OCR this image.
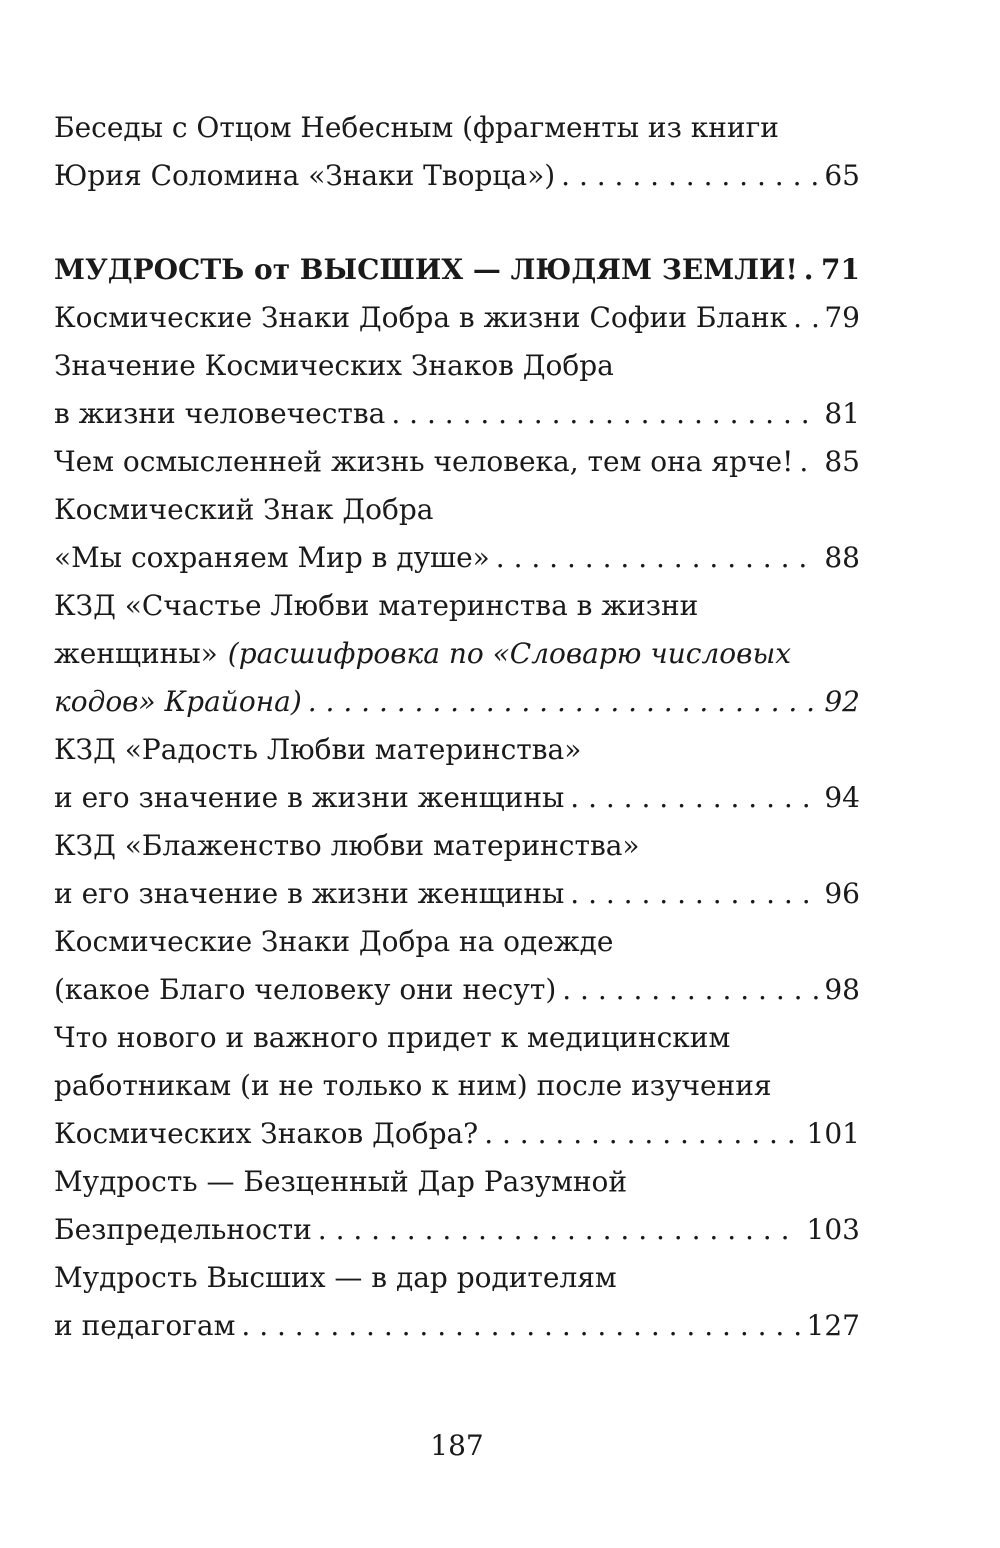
Беседы с Отцом Небесным (фрагменты из книги
Юрия Соломина «Знаки Творца») . . .	65
МУДРОСТЬ от ВЫСШИХ — ЛЮДЯМ ЗЕМЛИ! . . . 71
Космические Знаки Добра в жизни Софии Бланк . . . 79
Значение Космических Знаков Добра
в жизни человечества . . .	81
Чем осмысленней жизнь человека, тем она ярче! . . . 85
Космический Знак Добра
«Мы сохраняем Мир в душе» . . .	88
КЗД «Счастье Любви материнства в жизни
женщины» (расшифровка по «Словарю числовых
кодов» Крайона) . . .	92
КЗД «Радость Любви материнства»
и его значение в жизни женщины . . .	94
КЗД «Блаженство любви материнства»
и его значение в жизни женщины . . .	96
Космические Знаки Добра на одежде
(какое Благо человеку они несут) . . .	98
Что нового и важного придет к медицинским
работникам (и не только к ним) после изучения
Космических Знаков Добра? . . .	101
Мудрость — Безценный Дар Разумной
Безпредельности . . .	103
Мудрость Высших — в дар родителям
и педагогам . . .	127
187
